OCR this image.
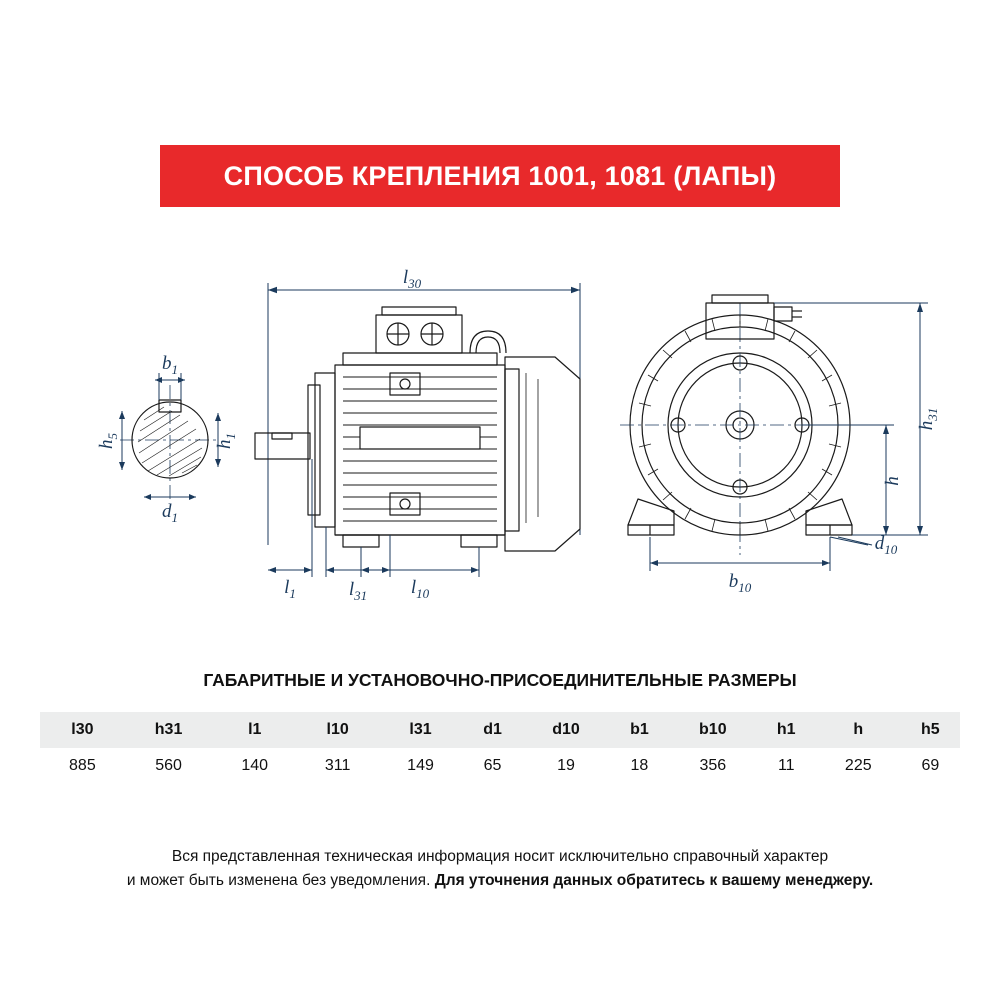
СПОСОБ КРЕПЛЕНИЯ 1001, 1081 (ЛАПЫ)
$l_{30}$
$b_1$
$h_5$
$h_1$
$d_1$
$l_1$	$l_{31}$ $l_{10}$
$h_{31}$
h
$d_{10}$
$b_{10}$
ГАБАРИТНЫЕ И УСТАНОВОЧНО-ПРИСОЕДИНИТЕЛЬНЫЕ РАЗМЕРЫ
l30	h31	l1	l10	l31	d1	d10	b1	b10	h1	h	h5
885	560	140	311	149	65	19	18	356	11	225	69
Вся представленная техническая информация носит исключительно справочный характер
и может быть изменена без уведомления. Для уточнения данных обратитесь к вашему менеджеру.
